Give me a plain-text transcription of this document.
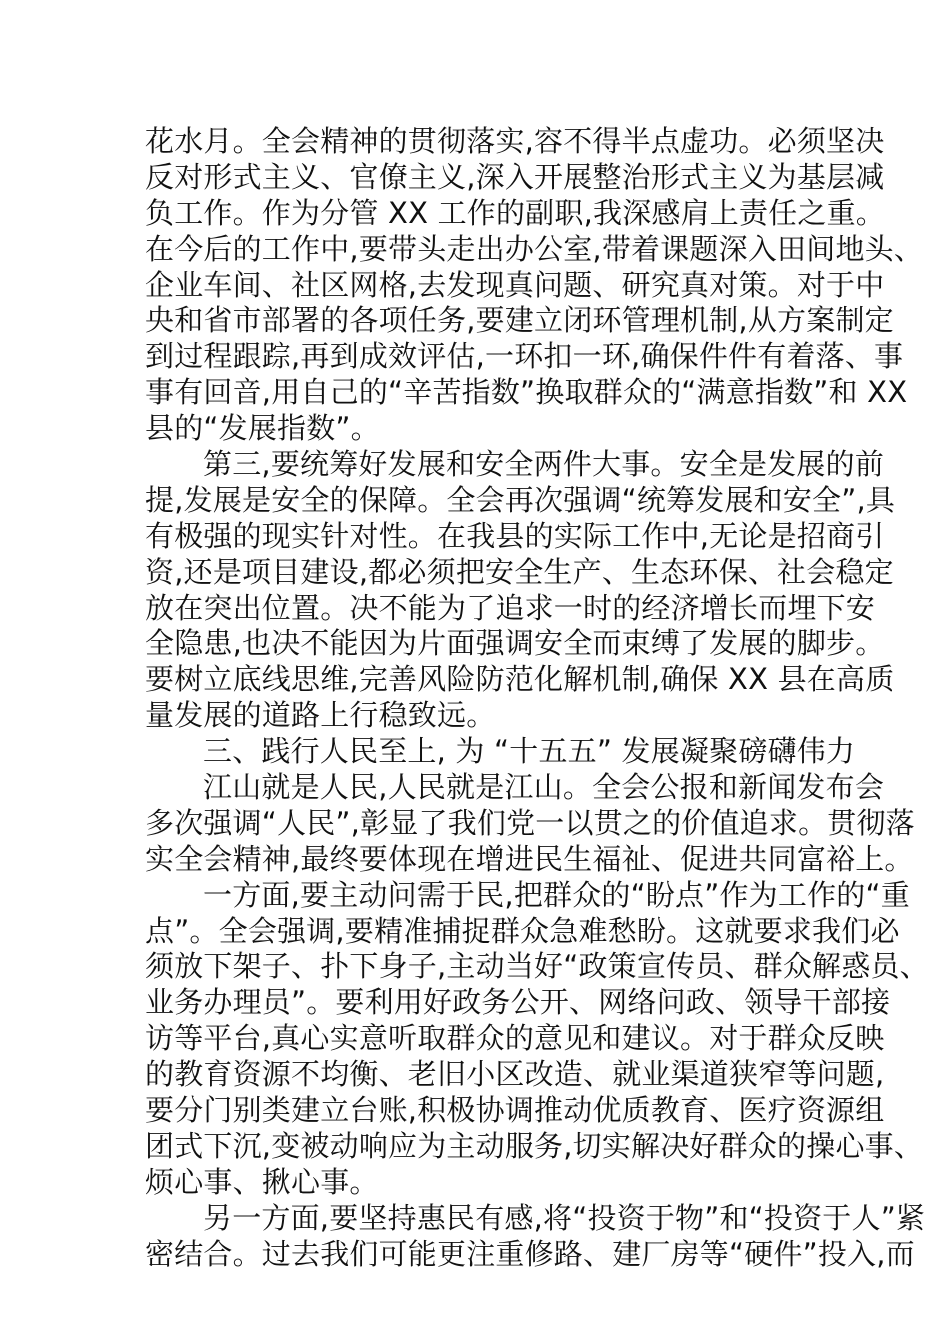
花水月。全会精神的贯彻落实,容不得半点虚功。必须坚决
反对形式主义、官僚主义,深入开展整治形式主义为基层减
负工作。作为分管 XX 工作的副职,我深感肩上责任之重。
在今后的工作中,要带头走出办公室,带着课题深入田间地头、
企业车间、社区网格,去发现真问题、研究真对策。对于中
央和省市部署的各项任务,要建立闭环管理机制,从方案制定
到过程跟踪,再到成效评估,一环扣一环,确保件件有着落、事
事有回音,用自己的“辛苦指数”换取群众的“满意指数”和 XX
县的“发展指数”。
第三,要统筹好发展和安全两件大事。安全是发展的前
提,发展是安全的保障。全会再次强调“统筹发展和安全”,具
有极强的现实针对性。在我县的实际工作中,无论是招商引
资,还是项目建设,都必须把安全生产、生态环保、社会稳定
放在突出位置。决不能为了追求一时的经济增长而埋下安
全隐患,也决不能因为片面强调安全而束缚了发展的脚步。
要树立底线思维,完善风险防范化解机制,确保 XX 县在高质
量发展的道路上行稳致远。
三、践行人民至上, 为 “十五五” 发展凝聚磅礴伟力
江山就是人民,人民就是江山。全会公报和新闻发布会
多次强调“人民”,彰显了我们党一以贯之的价值追求。贯彻落
实全会精神,最终要体现在增进民生福祉、促进共同富裕上。
一方面,要主动问需于民,把群众的“盼点”作为工作的“重
点”。全会强调,要精准捕捉群众急难愁盼。这就要求我们必
须放下架子、扑下身子,主动当好“政策宣传员、群众解惑员、
业务办理员”。要利用好政务公开、网络问政、领导干部接
访等平台,真心实意听取群众的意见和建议。对于群众反映
的教育资源不均衡、老旧小区改造、就业渠道狭窄等问题,
要分门别类建立台账,积极协调推动优质教育、医疗资源组
团式下沉,变被动响应为主动服务,切实解决好群众的操心事、
烦心事、揪心事。
另一方面,要坚持惠民有感,将“投资于物”和“投资于人”紧
密结合。过去我们可能更注重修路、建厂房等“硬件”投入,而
